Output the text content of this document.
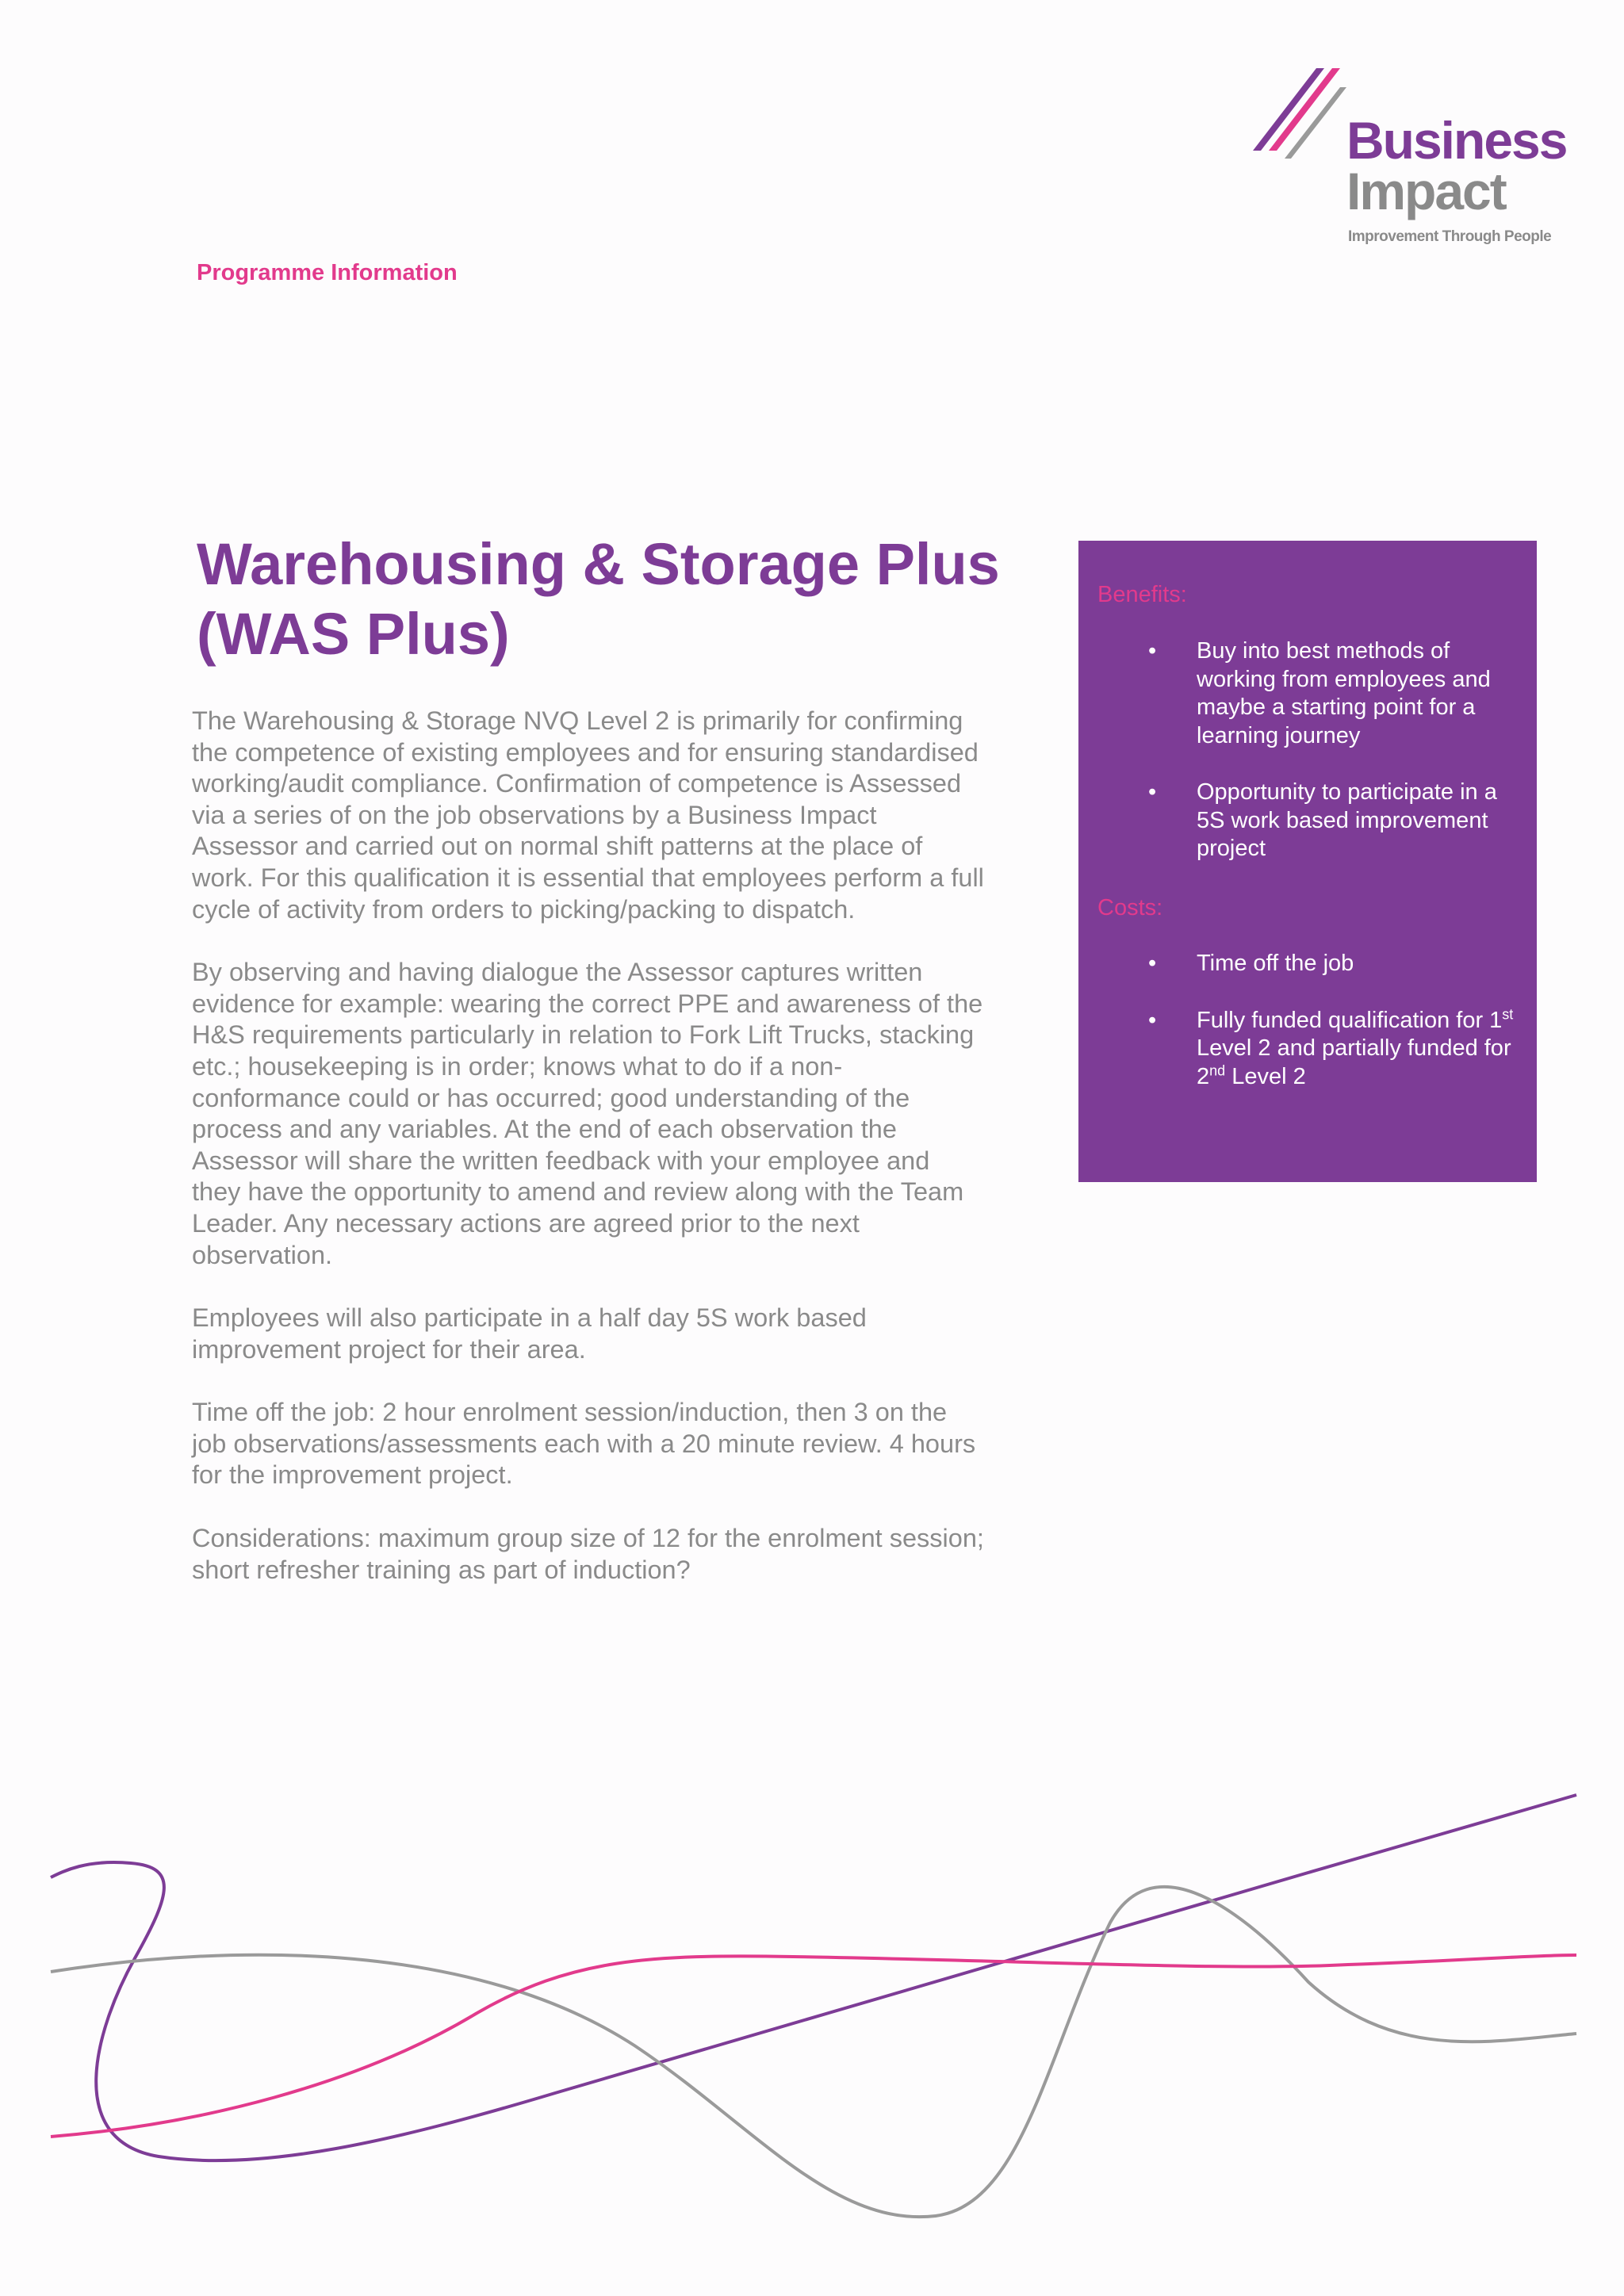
Business
Impact
Improvement Through People
Programme Information
Warehousing & Storage Plus (WAS Plus)

The Warehousing & Storage NVQ Level 2 is primarily for confirming the competence of existing employees and for ensuring standardised working/audit compliance. Confirmation of competence is Assessed via a series of on the job observations by a Business Impact Assessor and carried out on normal shift patterns at the place of work. For this qualification it is essential that employees perform a full cycle of activity from orders to picking/packing to dispatch.

By observing and having dialogue the Assessor captures written evidence for example: wearing the correct PPE and awareness of the H&S requirements particularly in relation to Fork Lift Trucks, stacking etc.; housekeeping is in order; knows what to do if a non-conformance could or has occurred; good understanding of the process and any variables. At the end of each observation the Assessor will share the written feedback with your employee and they have the opportunity to amend and review along with the Team Leader. Any necessary actions are agreed prior to the next observation.

Employees will also participate in a half day 5S work based improvement project for their area.

Time off the job: 2 hour enrolment session/induction, then 3 on the job observations/assessments each with a 20 minute review. 4 hours for the improvement project.

Considerations: maximum group size of 12 for the enrolment session; short refresher training as part of induction?

Benefits:
• Buy into best methods of working from employees and maybe a starting point for a learning journey
• Opportunity to participate in a 5S work based improvement project
Costs:
• Time off the job
• Fully funded qualification for 1st Level 2 and partially funded for 2nd Level 2
